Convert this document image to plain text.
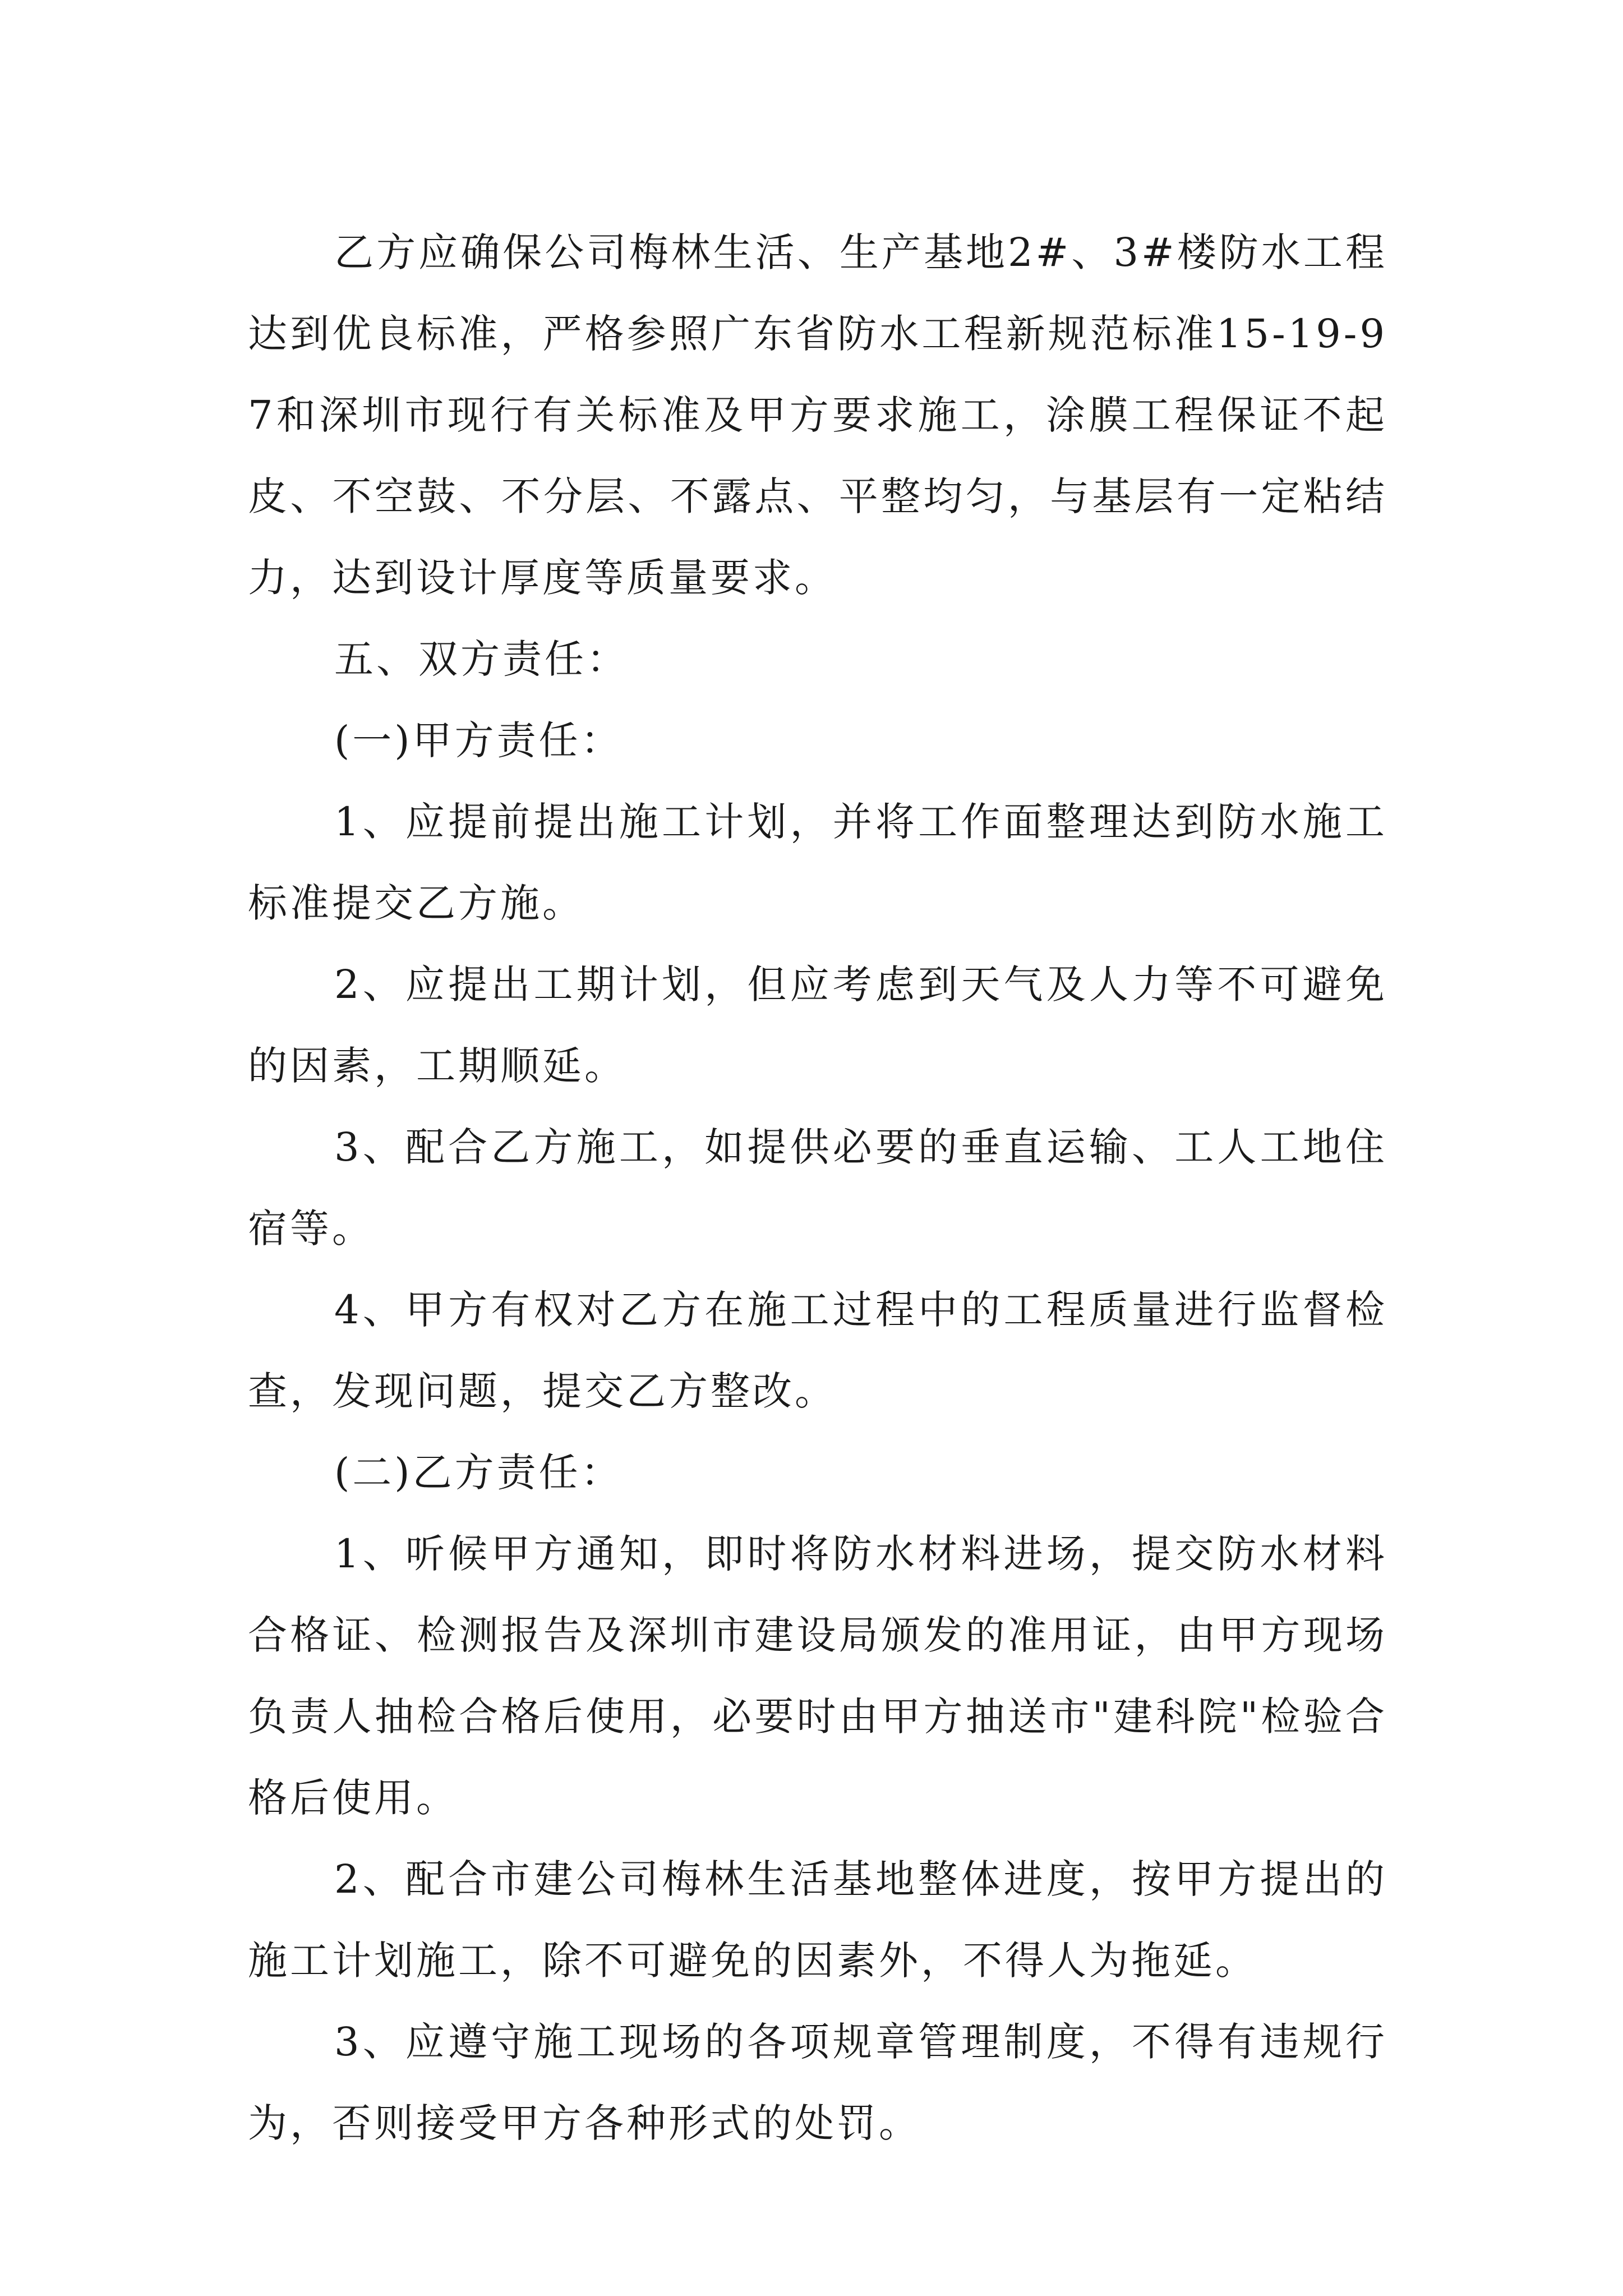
乙方应确保公司梅林生活、生产基地2#、3#楼防水工程达到优良标准，严格参照广东省防水工程新规范标准15-19-97和深圳市现行有关标准及甲方要求施工，涂膜工程保证不起皮、不空鼓、不分层、不露点、平整均匀，与基层有一定粘结力，达到设计厚度等质量要求。

五、双方责任：

(一)甲方责任：

1、应提前提出施工计划，并将工作面整理达到防水施工标准提交乙方施。

2、应提出工期计划，但应考虑到天气及人力等不可避免的因素，工期顺延。

3、配合乙方施工，如提供必要的垂直运输、工人工地住宿等。

4、甲方有权对乙方在施工过程中的工程质量进行监督检查，发现问题，提交乙方整改。

(二)乙方责任：

1、听候甲方通知，即时将防水材料进场，提交防水材料合格证、检测报告及深圳市建设局颁发的准用证，由甲方现场负责人抽检合格后使用，必要时由甲方抽送市"建科院"检验合格后使用。

2、配合市建公司梅林生活基地整体进度，按甲方提出的施工计划施工，除不可避免的因素外，不得人为拖延。

3、应遵守施工现场的各项规章管理制度，不得有违规行为，否则接受甲方各种形式的处罚。
